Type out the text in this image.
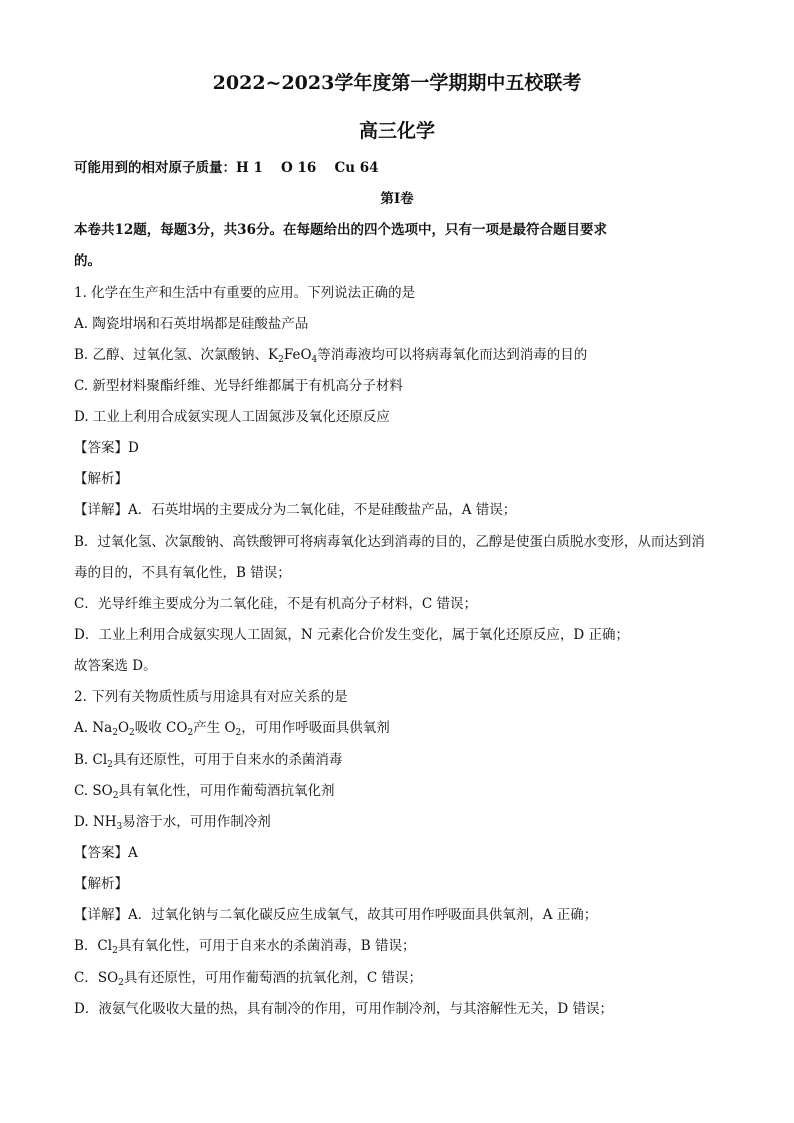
2022~2023学年度第一学期期中五校联考
高三化学
可能用到的相对原子质量：H 1　 O 16　 Cu 64
第Ⅰ卷
本卷共12题，每题3分，共36分。在每题给出的四个选项中，只有一项是最符合题目要求
的。
1. 化学在生产和生活中有重要的应用。下列说法正确的是
A. 陶瓷坩埚和石英坩埚都是硅酸盐产品
B. 乙醇、过氧化氢、次氯酸钠、$K_2FeO_4$等消毒液均可以将病毒氧化而达到消毒的目的
C. 新型材料聚酯纤维、光导纤维都属于有机高分子材料
D. 工业上利用合成氨实现人工固氮涉及氧化还原反应
【答案】D
【解析】
【详解】A．石英坩埚的主要成分为二氧化硅，不是硅酸盐产品，A 错误；
B．过氧化氢、次氯酸钠、高铁酸钾可将病毒氧化达到消毒的目的，乙醇是使蛋白质脱水变形，从而达到消
毒的目的，不具有氧化性，B 错误；
C．光导纤维主要成分为二氧化硅，不是有机高分子材料，C 错误；
D．工业上利用合成氨实现人工固氮，N 元素化合价发生变化，属于氧化还原反应，D 正确；
故答案选 D。
2. 下列有关物质性质与用途具有对应关系的是
A. $Na_2O_2$吸收 $CO_2$产生 $O_2$，可用作呼吸面具供氧剂
B. $Cl_2$具有还原性，可用于自来水的杀菌消毒
C. $SO_2$具有氧化性，可用作葡萄酒抗氧化剂
D. $NH_3$易溶于水，可用作制冷剂
【答案】A
【解析】
【详解】A．过氧化钠与二氧化碳反应生成氧气，故其可用作呼吸面具供氧剂，A 正确；
B．$Cl_2$具有氧化性，可用于自来水的杀菌消毒，B 错误；
C．$SO_2$具有还原性，可用作葡萄酒的抗氧化剂，C 错误；
D．液氨气化吸收大量的热，具有制冷的作用，可用作制冷剂，与其溶解性无关，D 错误；
